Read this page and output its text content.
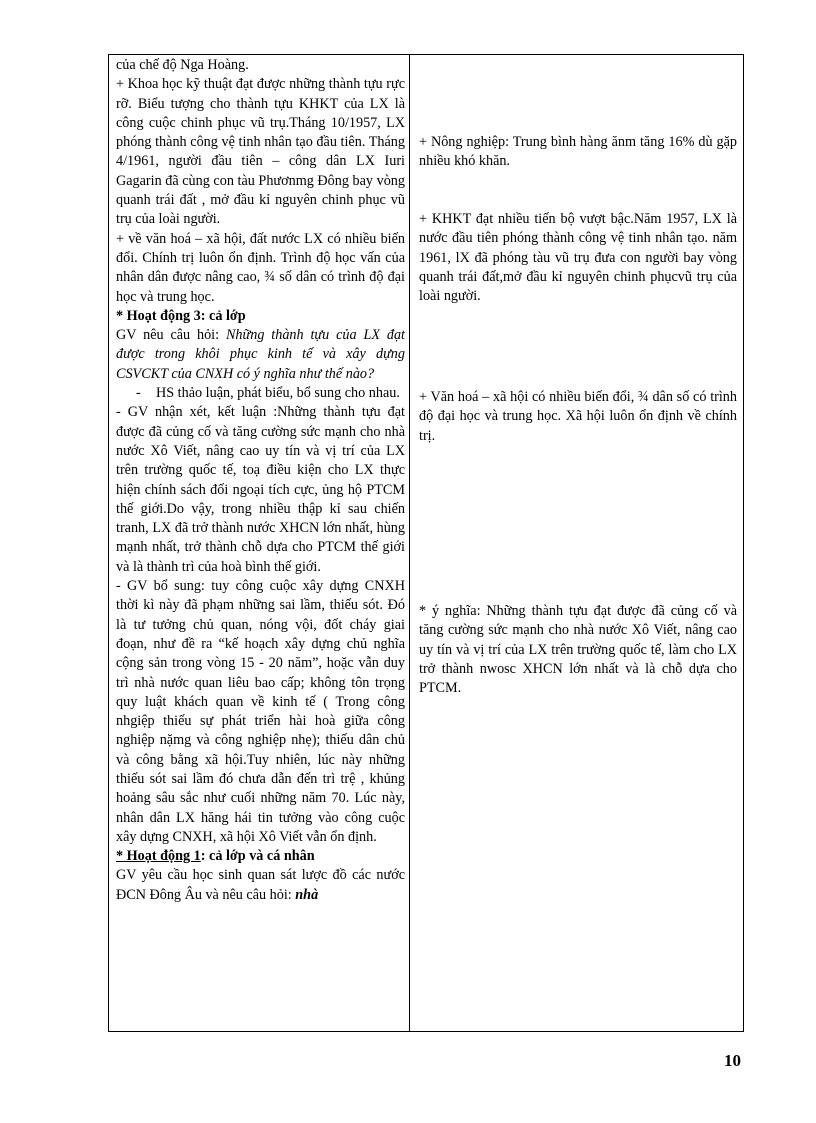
của chế độ Nga Hoàng.

+ Khoa học kỹ thuật đạt được những thành tựu rực rỡ. Biểu tượng cho thành tựu KHKT của LX là công cuộc chinh phục vũ trụ.Tháng 10/1957, LX phóng thành công vệ tinh nhân tạo đầu tiên. Tháng 4/1961, người đầu tiên – công dân LX Iuri Gagarin đã cùng con tàu Phươnmg Đông bay vòng quanh trái đất , mở đầu kỉ nguyên chinh phục vũ trụ của loài người.

+ về văn hoá – xã hội, đất nước LX có nhiều biến đổi. Chính trị luôn ổn định. Trình độ học vấn của nhân dân được nâng cao, ¾ số dân có trình độ đại học và trung học.

* Hoạt động 3: cả lớp

GV nêu câu hỏi: Những thành tựu của LX đạt được trong khôi phục kinh tế và xây dựng CSVCKT của CNXH có ý nghĩa như thế nào?

-	HS thảo luận, phát biểu, bổ sung cho nhau.

- GV nhận xét, kết luận :Những thành tựu đạt được đã củng cố và tăng cường sức mạnh cho nhà nước Xô Viết, nâng cao uy tín và vị trí của LX trên trường quốc tế, toạ điều kiện cho LX thực hiện chính sách đối ngoại tích cực, ủng hộ PTCM thế giới.Do vậy, trong nhiều thập kỉ sau chiến tranh, LX đã trở thành nước XHCN lớn nhất, hùng mạnh nhất, trở thành chỗ dựa cho PTCM thế giới và là thành trì của hoà bình thế giới.

- GV bổ sung: tuy công cuộc xây dựng CNXH thời kì này đã phạm những sai lầm, thiếu sót. Đó là tư tưởng chủ quan, nóng vội, đốt cháy giai đoạn, như đề ra “kế hoạch xây dựng chủ nghĩa cộng sản trong vòng 15 - 20 năm”, hoặc vẫn duy trì nhà nước quan liêu bao cấp; không tôn trọng quy luật khách quan về kinh tế ( Trong công nhgiệp thiếu sự phát triển hài hoà giữa công nghiệp nặmg và công nghiệp nhẹ); thiếu dân chủ và công bằng xã hội.Tuy nhiên, lúc này những thiếu sót sai lầm đó chưa dẫn đến trì trệ , khủng hoảng sâu sắc như cuối những năm 70. Lúc này, nhân dân LX hăng hái tin tưởng vào công cuộc xây dựng CNXH, xã hội Xô Viết vẫn ổn định.

* Hoạt động 1: cả lớp và cá nhân

GV yêu cầu học sinh quan sát lược đồ các nước ĐCN Đông Âu và nêu câu hỏi: nhà

+ Nông nghiệp: Trung bình hàng ănm tăng 16% dù gặp nhiều khó khăn.

+ KHKT đạt nhiều tiến bộ vượt bậc.Năm 1957, LX là nước đầu tiên phóng thành công vệ tinh nhân tạo. năm 1961, lX đã phóng tàu vũ trụ đưa con người bay vòng quanh trái đất,mở đầu kỉ nguyên chinh phụcvũ trụ của loài người.

+ Văn hoá – xã hội có nhiều biến đổi, ¾ dân số có trình độ đại học và trung học. Xã hội luôn ổn định về chính trị.

* ý nghĩa: Những thành tựu đạt được đã củng cố và tăng cường sức mạnh cho nhà nước Xô Viết, nâng cao uy tín và vị trí của LX trên trường quốc tế, làm cho LX trở thành nwosc XHCN lớn nhất và là chỗ dựa cho PTCM.

10
